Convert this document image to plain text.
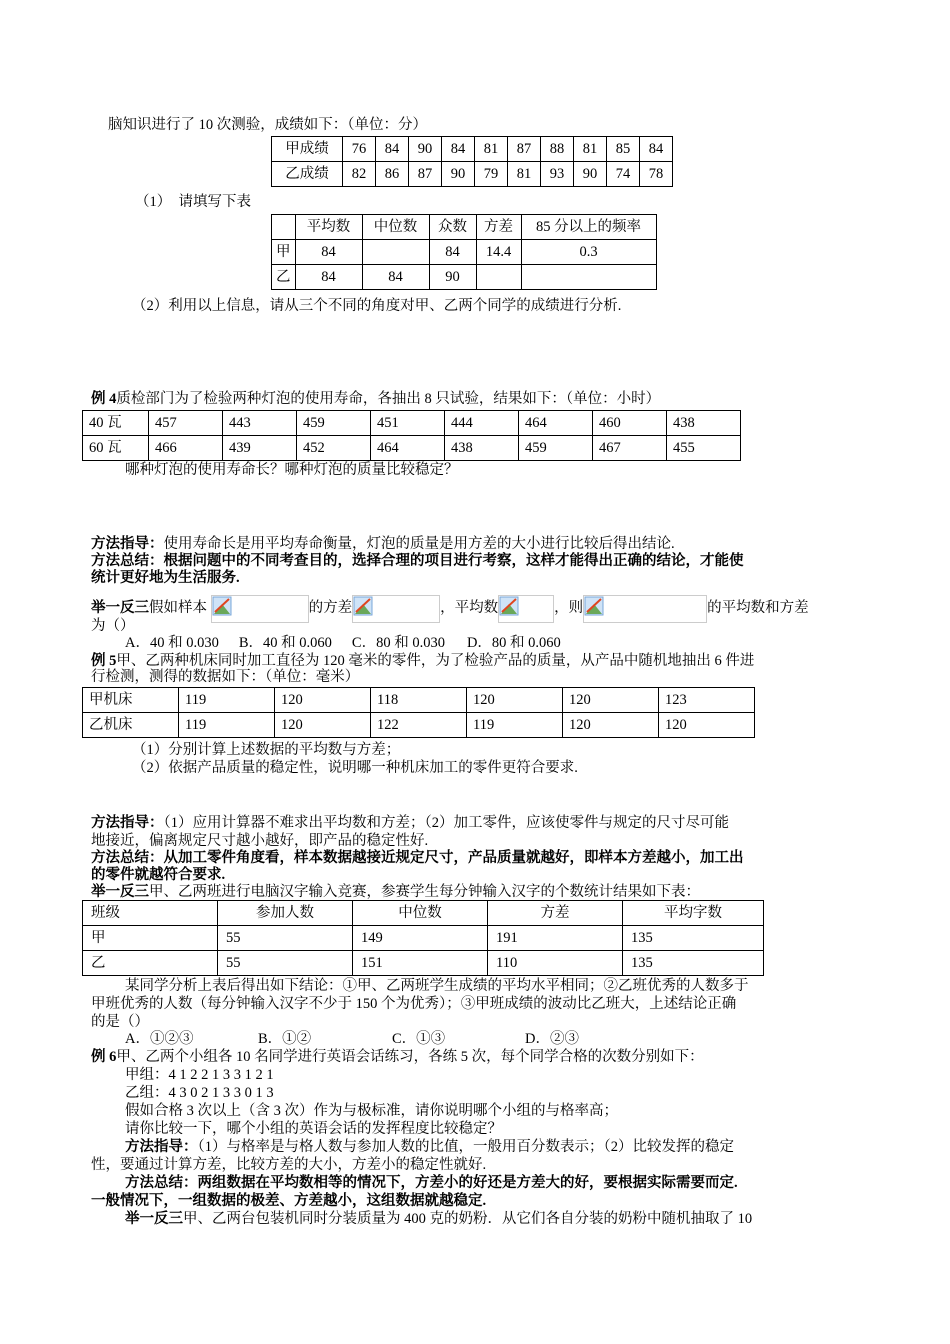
脑知识进行了 10 次测验，成绩如下：（单位：分）
甲成绩	76	84	90	84	81	87	88	81	85	84
乙成绩	82	86	87	90	79	81	93	90	74	78
（1）　请填写下表
	平均数	中位数	众数	方差	85 分以上的频率
甲	84		84	14.4	0.3
乙	84	84	90		
（2）利用以上信息，请从三个不同的角度对甲、乙两个同学的成绩进行分析.
例 4质检部门为了检验两种灯泡的使用寿命，各抽出 8 只试验，结果如下：（单位：小时）
40 瓦	457	443	459	451	444	464	460	438
60 瓦	466	439	452	464	438	459	467	455
哪种灯泡的使用寿命长？哪种灯泡的质量比较稳定？
方法指导：使用寿命长是用平均寿命衡量，灯泡的质量是用方差的大小进行比较后得出结论.
方法总结：根据问题中的不同考查目的，选择合理的项目进行考察，这样才能得出正确的结论，才能使
统计更好地为生活服务.
举一反三假如样本	的方差	，平均数	，则	的平均数和方差
为（）
A．40 和 0.030 B．40 和 0.060 C．80 和 0.030 D．80 和 0.060
例 5甲、乙两种机床同时加工直径为 120 毫米的零件，为了检验产品的质量，从产品中随机地抽出 6 件进
行检测，测得的数据如下：（单位：毫米）
甲机床	119	120	118	120	120	123
乙机床	119	120	122	119	120	120
（1）分别计算上述数据的平均数与方差；
（2）依据产品质量的稳定性，说明哪一种机床加工的零件更符合要求.
方法指导：（1）应用计算器不难求出平均数和方差；（2）加工零件，应该使零件与规定的尺寸尽可能
地接近，偏离规定尺寸越小越好，即产品的稳定性好.
方法总结：从加工零件角度看，样本数据越接近规定尺寸，产品质量就越好，即样本方差越小，加工出
的零件就越符合要求.
举一反三甲、乙两班进行电脑汉字输入竞赛，参赛学生每分钟输入汉字的个数统计结果如下表：
班级	参加人数	中位数	方差	平均字数
甲	55	149	191	135
乙	55	151	110	135
某同学分析上表后得出如下结论：①甲、乙两班学生成绩的平均水平相同；②乙班优秀的人数多于
甲班优秀的人数（每分钟输入汉字不少于 150 个为优秀）；③甲班成绩的波动比乙班大，上述结论正确
的是（）
A．①②③	B．①②	C．①③	D．②③
例 6甲、乙两个小组各 10 名同学进行英语会话练习，各练 5 次，每个同学合格的次数分别如下：
甲组：4 1 2 2 1 3 3 1 2 1
乙组：4 3 0 2 1 3 3 0 1 3
假如合格 3 次以上（含 3 次）作为与极标准，请你说明哪个小组的与格率高；
请你比较一下，哪个小组的英语会话的发挥程度比较稳定？
方法指导：（1）与格率是与格人数与参加人数的比值，一般用百分数表示；（2）比较发挥的稳定
性，要通过计算方差，比较方差的大小，方差小的稳定性就好.
方法总结：两组数据在平均数相等的情况下，方差小的好还是方差大的好，要根据实际需要而定.
一般情况下，一组数据的极差、方差越小，这组数据就越稳定.
举一反三甲、乙两台包装机同时分装质量为 400 克的奶粉．从它们各自分装的奶粉中随机抽取了 10
